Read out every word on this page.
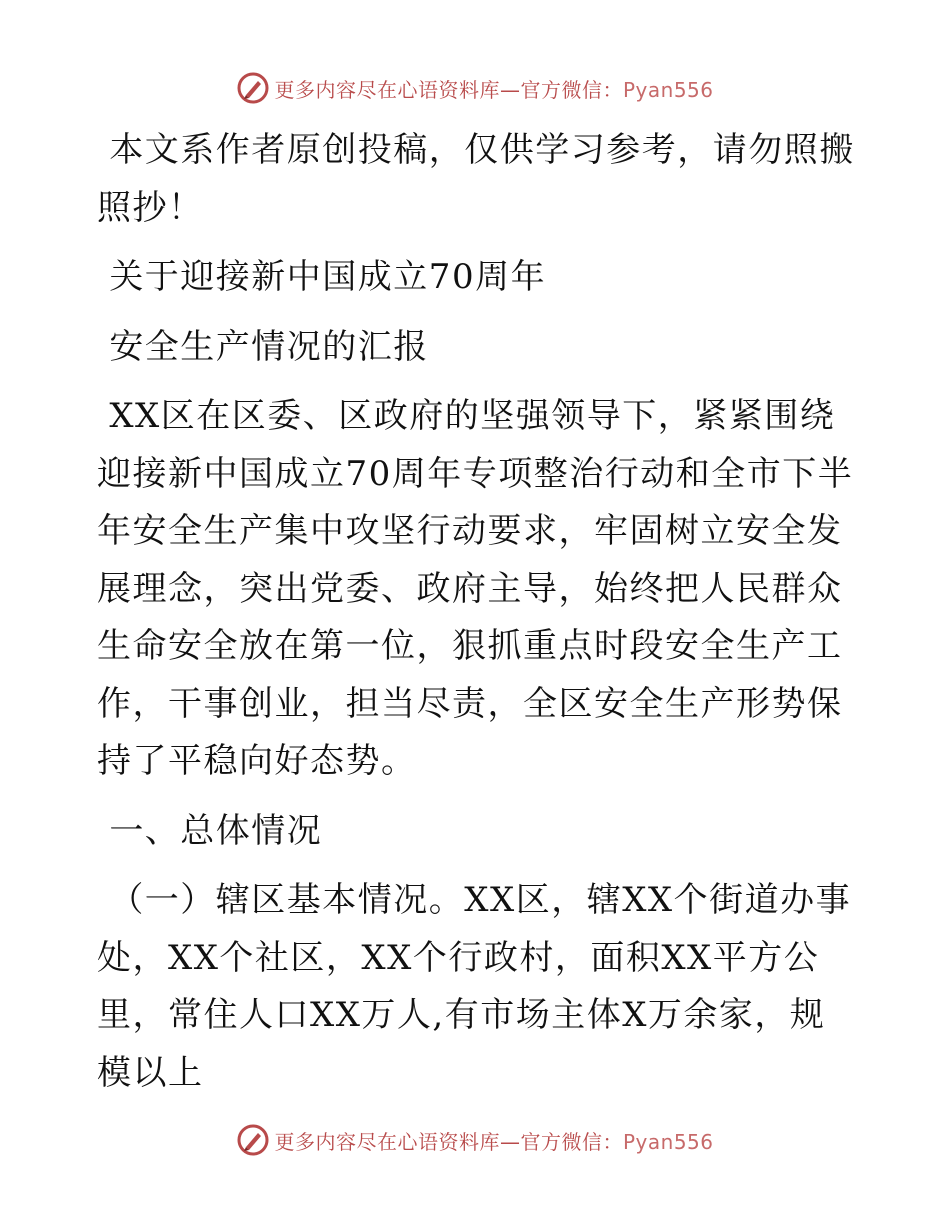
更多内容尽在心语资料库—官方微信：Pyan556

本文系作者原创投稿，仅供学习参考，请勿照搬照抄！

关于迎接新中国成立70周年

安全生产情况的汇报

XX区在区委、区政府的坚强领导下，紧紧围绕迎接新中国成立70周年专项整治行动和全市下半年安全生产集中攻坚行动要求，牢固树立安全发展理念，突出党委、政府主导，始终把人民群众生命安全放在第一位，狠抓重点时段安全生产工作，干事创业，担当尽责，全区安全生产形势保持了平稳向好态势。

一、总体情况

（一）辖区基本情况。XX区，辖XX个街道办事处，XX个社区，XX个行政村，面积XX平方公里，常住人口XX万人,有市场主体X万余家，规模以上

更多内容尽在心语资料库—官方微信：Pyan556
